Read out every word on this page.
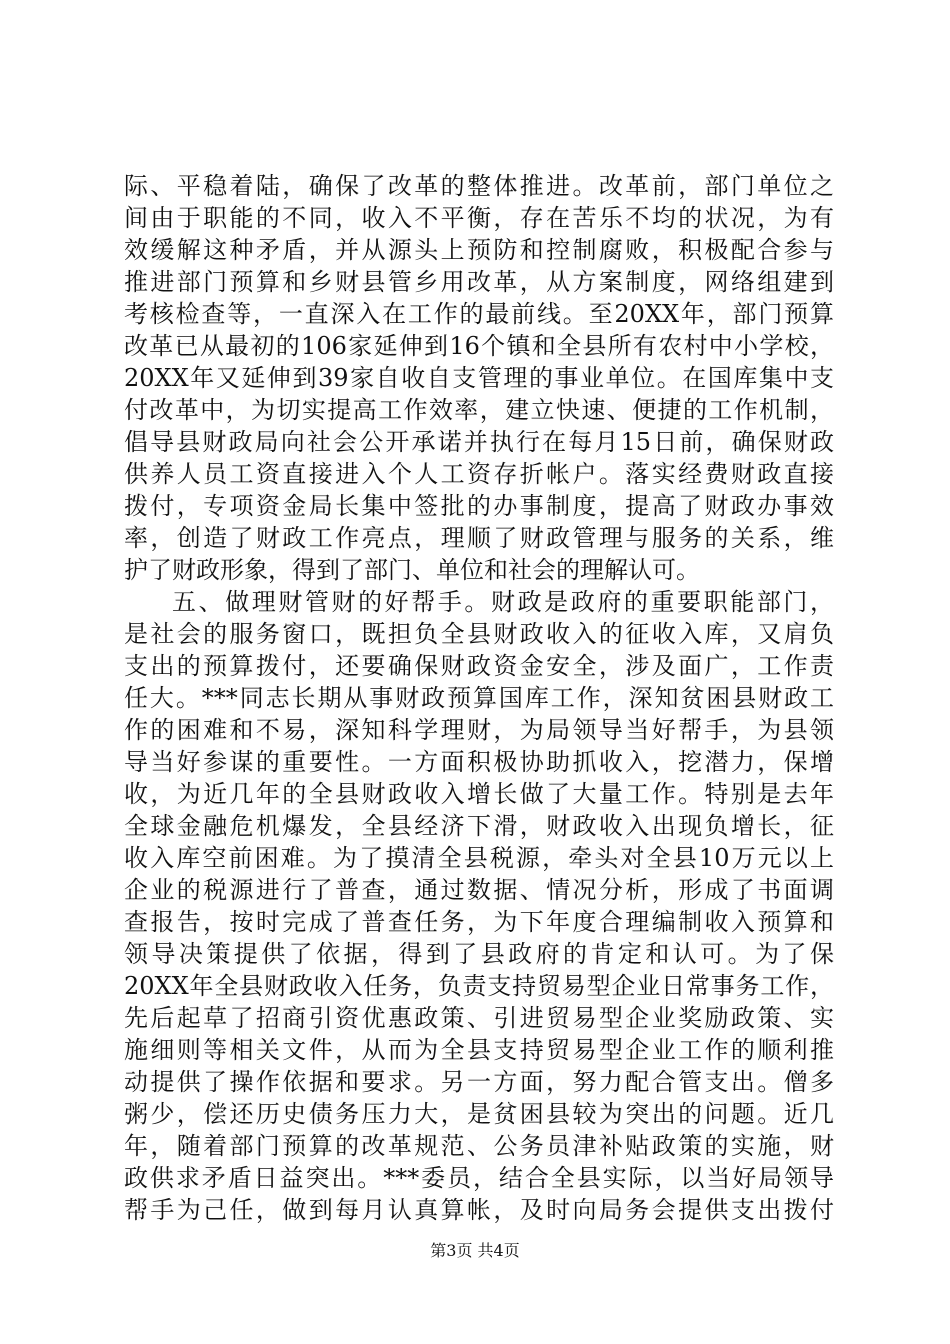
际、平稳着陆，确保了改革的整体推进。改革前，部门单位之
间由于职能的不同，收入不平衡，存在苦乐不均的状况，为有
效缓解这种矛盾，并从源头上预防和控制腐败，积极配合参与
推进部门预算和乡财县管乡用改革，从方案制度，网络组建到
考核检查等，一直深入在工作的最前线。至20XX年，部门预算
改革已从最初的106家延伸到16个镇和全县所有农村中小学校，
20XX年又延伸到39家自收自支管理的事业单位。在国库集中支
付改革中，为切实提高工作效率，建立快速、便捷的工作机制，
倡导县财政局向社会公开承诺并执行在每月15日前，确保财政
供养人员工资直接进入个人工资存折帐户。落实经费财政直接
拨付，专项资金局长集中签批的办事制度，提高了财政办事效
率，创造了财政工作亮点，理顺了财政管理与服务的关系，维
护了财政形象，得到了部门、单位和社会的理解认可。
五、做理财管财的好帮手。财政是政府的重要职能部门，
是社会的服务窗口，既担负全县财政收入的征收入库，又肩负
支出的预算拨付，还要确保财政资金安全，涉及面广，工作责
任大。***同志长期从事财政预算国库工作，深知贫困县财政工
作的困难和不易，深知科学理财，为局领导当好帮手，为县领
导当好参谋的重要性。一方面积极协助抓收入，挖潜力，保增
收，为近几年的全县财政收入增长做了大量工作。特别是去年
全球金融危机爆发，全县经济下滑，财政收入出现负增长，征
收入库空前困难。为了摸清全县税源，牵头对全县10万元以上
企业的税源进行了普查，通过数据、情况分析，形成了书面调
查报告，按时完成了普查任务，为下年度合理编制收入预算和
领导决策提供了依据，得到了县政府的肯定和认可。为了保
20XX年全县财政收入任务，负责支持贸易型企业日常事务工作，
先后起草了招商引资优惠政策、引进贸易型企业奖励政策、实
施细则等相关文件，从而为全县支持贸易型企业工作的顺利推
动提供了操作依据和要求。另一方面，努力配合管支出。僧多
粥少，偿还历史债务压力大，是贫困县较为突出的问题。近几
年，随着部门预算的改革规范、公务员津补贴政策的实施，财
政供求矛盾日益突出。***委员，结合全县实际，以当好局领导
帮手为己任，做到每月认真算帐，及时向局务会提供支出拨付
第3页 共4页
